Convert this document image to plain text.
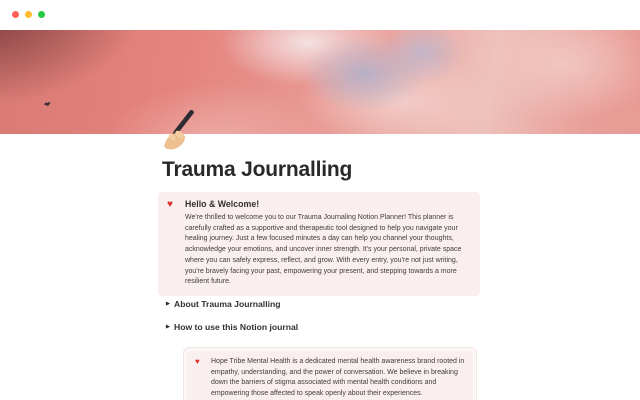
Trauma Journalling
♥	Hello & Welcome!
We're thrilled to welcome you to our Trauma Journaling Notion Planner! This planner is carefully crafted as a supportive and therapeutic tool designed to help you navigate your healing journey. Just a few focused minutes a day can help you channel your thoughts, acknowledge your emotions, and uncover inner strength. It's your personal, private space where you can safely express, reflect, and grow. With every entry, you're not just writing, you're bravely facing your past, empowering your present, and stepping towards a more resilient future.
▶ About Trauma Journalling
▶ How to use this Notion journal
♥	Hope Tribe Mental Health is a dedicated mental health awareness brand rooted in empathy, understanding, and the power of conversation. We believe in breaking down the barriers of stigma associated with mental health conditions and empowering those affected to speak openly about their experiences.
